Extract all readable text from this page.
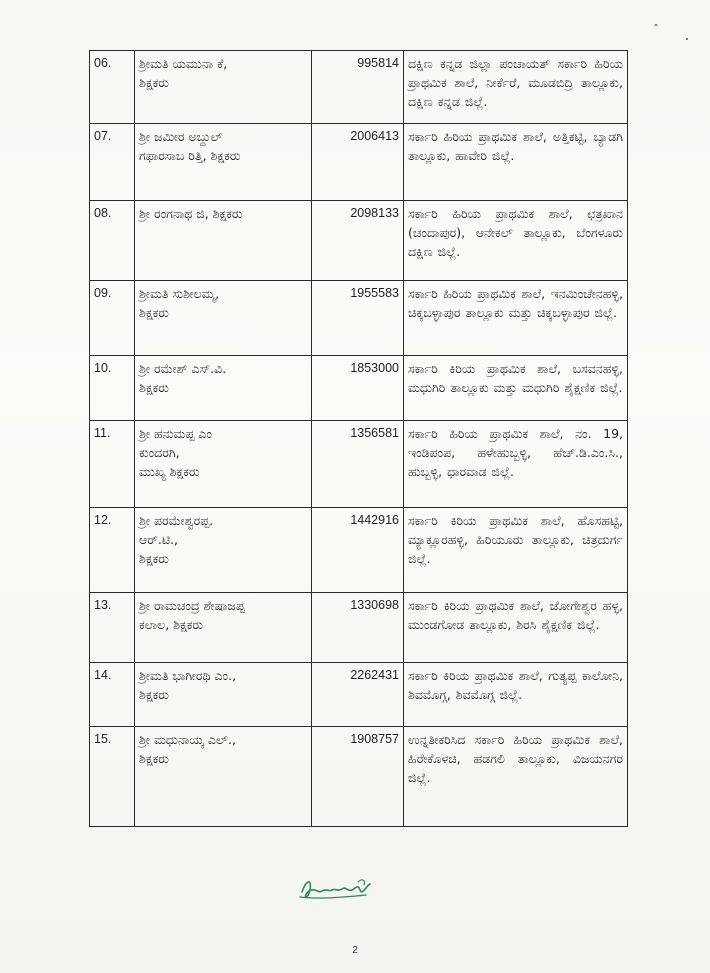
06.	ಶ್ರೀಮತಿ ಯಮುನಾ ಕೆ,
ಶಿಕ್ಷಕರು	995814	ದಕ್ಷಿಣ ಕನ್ನಡ ಜಿಲ್ಲಾ ಪಂಚಾಯತ್ ಸರ್ಕಾರಿ ಹಿರಿಯ ಪ್ರಾಥಮಿಕ ಶಾಲೆ, ನೀರ್ಕೆರೆ, ಮೂಡಬಿದ್ರಿ ತಾಲ್ಲೂಕು, ದಕ್ಷಿಣ ಕನ್ನಡ ಜಿಲ್ಲೆ.
07.	ಶ್ರೀ ಜಮೀರ ಅಬ್ದುಲ್
ಗಫಾರಸಾಬ ರಿತ್ತಿ, ಶಿಕ್ಷಕರು	2006413	ಸರ್ಕಾರಿ ಹಿರಿಯ ಪ್ರಾಥಮಿಕ ಶಾಲೆ, ಅತ್ತಿಕಟ್ಟಿ, ಬ್ಯಾಡಗಿ ತಾಲ್ಲೂಕು, ಹಾವೇರಿ ಜಿಲ್ಲೆ.
08.	ಶ್ರೀ ರಂಗನಾಥ ಜಿ, ಶಿಕ್ಷಕರು	2098133	ಸರ್ಕಾರಿ ಹಿರಿಯ ಪ್ರಾಥಮಿಕ ಶಾಲೆ, ಛತ್ರಖಾನ (ಚಂದಾಪುರ), ಆನೇಕಲ್ ತಾಲ್ಲೂಕು, ಬೆಂಗಳೂರು ದಕ್ಷಿಣ ಜಿಲ್ಲೆ.
09.	ಶ್ರೀಮತಿ ಸುಶೀಲಮ್ಮ,
ಶಿಕ್ಷಕರು	1955583	ಸರ್ಕಾರಿ ಹಿರಿಯ ಪ್ರಾಥಮಿಕ ಶಾಲೆ, ಇನಮಿಂಚೇನಹಳ್ಳಿ, ಚಿಕ್ಕಬಳ್ಳಾಪುರ ತಾಲ್ಲೂಕು ಮತ್ತು ಚಿಕ್ಕಬಳ್ಳಾಪುರ ಜಿಲ್ಲೆ.
10.	ಶ್ರೀ ರಮೇಶ್ ಎಸ್.ವಿ.
ಶಿಕ್ಷಕರು	1853000	ಸರ್ಕಾರಿ ಕಿರಿಯ ಪ್ರಾಥಮಿಕ ಶಾಲೆ, ಬಸವನಹಳ್ಳಿ, ಮಧುಗಿರಿ ತಾಲ್ಲೂಕು ಮತ್ತು ಮಧುಗಿರಿ ಶೈಕ್ಷಣಿಕ ಜಿಲ್ಲೆ.
11.	ಶ್ರೀ ಹನುಮಪ್ಪ ಎಂ
ಕುಂದರಗಿ,
ಮುಖ್ಯ ಶಿಕ್ಷಕರು	1356581	ಸರ್ಕಾರಿ ಹಿರಿಯ ಪ್ರಾಥಮಿಕ ಶಾಲೆ, ನಂ. 19, ಇಂಡಿಪಂಪ, ಹಳೇಹುಬ್ಬಳ್ಳಿ, ಹೆಚ್.ಡಿ.ಎಂ.ಸಿ., ಹುಬ್ಬಳ್ಳಿ, ಧಾರವಾಡ ಜಿಲ್ಲೆ.
12.	ಶ್ರೀ ಪರಮೇಶ್ವರಪ್ಪ.
ಆರ್.ಟಿ.,
ಶಿಕ್ಷಕರು	1442916	ಸರ್ಕಾರಿ ಕಿರಿಯ ಪ್ರಾಥಮಿಕ ಶಾಲೆ, ಹೊಸಹಟ್ಟಿ, ಮ್ಯಾಕ್ಲೂರಹಳ್ಳಿ, ಹಿರಿಯೂರು ತಾಲ್ಲೂಕು, ಚಿತ್ರದುರ್ಗ ಜಿಲ್ಲೆ.
13.	ಶ್ರೀ ರಾಮಚಂದ್ರ ಶೇಷಾಜಪ್ಪ
ಕಲಾಲ, ಶಿಕ್ಷಕರು	1330698	ಸರ್ಕಾರಿ ಕಿರಿಯ ಪ್ರಾಥಮಿಕ ಶಾಲೆ, ಜೋಗೇಶ್ವರ ಹಳ್ಳ, ಮುಂಡಗೋಡ ತಾಲ್ಲೂಕು, ಶಿರಸಿ ಶೈಕ್ಷಣಿಕ ಜಿಲ್ಲೆ.
14.	ಶ್ರೀಮತಿ ಭಾಗೀರಥಿ ಎಂ.,
ಶಿಕ್ಷಕರು	2262431	ಸರ್ಕಾರಿ ಕಿರಿಯ ಪ್ರಾಥಮಿಕ ಶಾಲೆ, ಗುತ್ಯಪ್ಪ ಕಾಲೋನಿ, ಶಿವಮೊಗ್ಗ, ಶಿವಮೊಗ್ಗ ಜಿಲ್ಲೆ.
15.	ಶ್ರೀ ಮಧುನಾಯ್ಕ ಎಲ್.,
ಶಿಕ್ಷಕರು	1908757	ಉನ್ನತೀಕರಿಸಿದ ಸರ್ಕಾರಿ ಹಿರಿಯ ಪ್ರಾಥಮಿಕ ಶಾಲೆ, ಹಿರೇಕೊಳಚಿ, ಹಡಗಲಿ ತಾಲ್ಲೂಕು, ವಿಜಯನಗರ ಜಿಲ್ಲೆ.
2
